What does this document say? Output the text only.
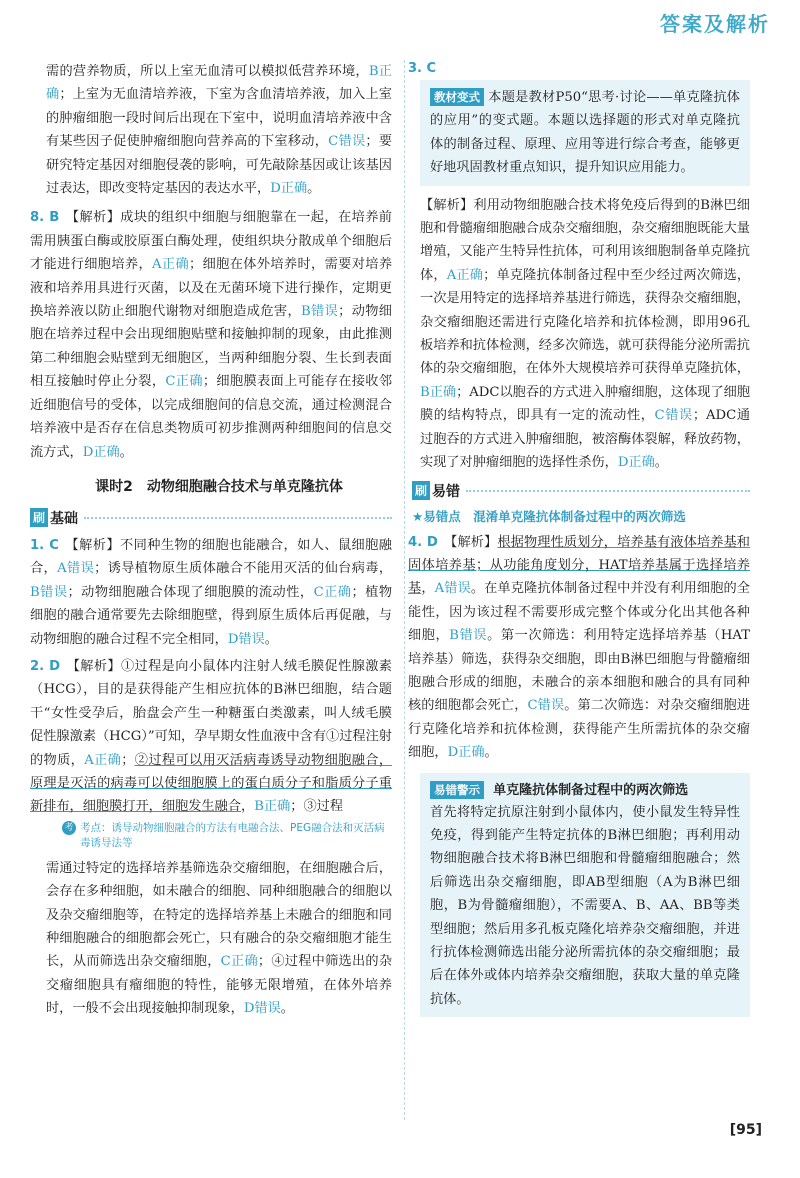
答案及解析

需的营养物质，所以上室无血清可以模拟低营养环境，B正确；上室为无血清培养液，下室为含血清培养液，加入上室的肿瘤细胞一段时间后出现在下室中，说明血清培养液中含有某些因子促使肿瘤细胞向营养高的下室移动，C错误；要研究特定基因对细胞侵袭的影响，可先敲除基因或让该基因过表达，即改变特定基因的表达水平，D正确。

8. B 【解析】成块的组织中细胞与细胞靠在一起，在培养前需用胰蛋白酶或胶原蛋白酶处理，使组织块分散成单个细胞后才能进行细胞培养，A正确；细胞在体外培养时，需要对培养液和培养用具进行灭菌，以及在无菌环境下进行操作，定期更换培养液以防止细胞代谢物对细胞造成危害，B错误；动物细胞在培养过程中会出现细胞贴壁和接触抑制的现象，由此推测第二种细胞会贴壁到无细胞区，当两种细胞分裂、生长到表面相互接触时停止分裂，C正确；细胞膜表面上可能存在接收邻近细胞信号的受体，以完成细胞间的信息交流，通过检测混合培养液中是否存在信息类物质可初步推测两种细胞间的信息交流方式，D正确。

课时2　动物细胞融合技术与单克隆抗体
刷 基础

1. C 【解析】不同种生物的细胞也能融合，如人、鼠细胞融合，A错误；诱导植物原生质体融合不能用灭活的仙台病毒，B错误；动物细胞融合体现了细胞膜的流动性，C正确；植物细胞的融合通常要先去除细胞壁，得到原生质体后再促融，与动物细胞的融合过程不完全相同，D错误。

2. D 【解析】①过程是向小鼠体内注射人绒毛膜促性腺激素（HCG），目的是获得能产生相应抗体的B淋巴细胞，结合题干“女性受孕后，胎盘会产生一种糖蛋白类激素，叫人绒毛膜促性腺激素（HCG）”可知，孕早期女性血液中含有①过程注射的物质，A正确；②过程可以用灭活病毒诱导动物细胞融合，原理是灭活的病毒可以使细胞膜上的蛋白质分子和脂质分子重新排布，细胞膜打开，细胞发生融合，B正确；③过程

考 考点：诱导动物细胞融合的方法有电融合法、PEG融合法和灭活病毒诱导法等

需通过特定的选择培养基筛选杂交瘤细胞，在细胞融合后，会存在多种细胞，如未融合的细胞、同种细胞融合的细胞以及杂交瘤细胞等，在特定的选择培养基上未融合的细胞和同种细胞融合的细胞都会死亡，只有融合的杂交瘤细胞才能生长，从而筛选出杂交瘤细胞，C正确；④过程中筛选出的杂交瘤细胞具有瘤细胞的特性，能够无限增殖，在体外培养时，一般不会出现接触抑制现象，D错误。

3. C

教材变式 本题是教材P50“思考·讨论——单克隆抗体的应用”的变式题。本题以选择题的形式对单克隆抗体的制备过程、原理、应用等进行综合考查，能够更好地巩固教材重点知识，提升知识应用能力。

【解析】利用动物细胞融合技术将免疫后得到的B淋巴细胞和骨髓瘤细胞融合成杂交瘤细胞，杂交瘤细胞既能大量增殖，又能产生特异性抗体，可利用该细胞制备单克隆抗体，A正确；单克隆抗体制备过程中至少经过两次筛选，一次是用特定的选择培养基进行筛选，获得杂交瘤细胞，杂交瘤细胞还需进行克隆化培养和抗体检测，即用96孔板培养和抗体检测，经多次筛选，就可获得能分泌所需抗体的杂交瘤细胞，在体外大规模培养可获得单克隆抗体，B正确；ADC以胞吞的方式进入肿瘤细胞，这体现了细胞膜的结构特点，即具有一定的流动性，C错误；ADC通过胞吞的方式进入肿瘤细胞，被溶酶体裂解，释放药物，实现了对肿瘤细胞的选择性杀伤，D正确。

刷 易错
★易错点　混淆单克隆抗体制备过程中的两次筛选

4. D 【解析】根据物理性质划分，培养基有液体培养基和固体培养基；从功能角度划分，HAT培养基属于选择培养基，A错误。在单克隆抗体制备过程中并没有利用细胞的全能性，因为该过程不需要形成完整个体或分化出其他各种细胞，B错误。第一次筛选：利用特定选择培养基（HAT培养基）筛选，获得杂交细胞，即由B淋巴细胞与骨髓瘤细胞融合形成的细胞，未融合的亲本细胞和融合的具有同种核的细胞都会死亡，C错误。第二次筛选：对杂交瘤细胞进行克隆化培养和抗体检测，获得能产生所需抗体的杂交瘤细胞，D正确。

易错警示 单克隆抗体制备过程中的两次筛选

首先将特定抗原注射到小鼠体内，使小鼠发生特异性免疫，得到能产生特定抗体的B淋巴细胞；再利用动物细胞融合技术将B淋巴细胞和骨髓瘤细胞融合；然后筛选出杂交瘤细胞，即AB型细胞（A为B淋巴细胞，B为骨髓瘤细胞），不需要A、B、AA、BB等类型细胞；然后用多孔板克隆化培养杂交瘤细胞，并进行抗体检测筛选出能分泌所需抗体的杂交瘤细胞；最后在体外或体内培养杂交瘤细胞，获取大量的单克隆抗体。

[95]
